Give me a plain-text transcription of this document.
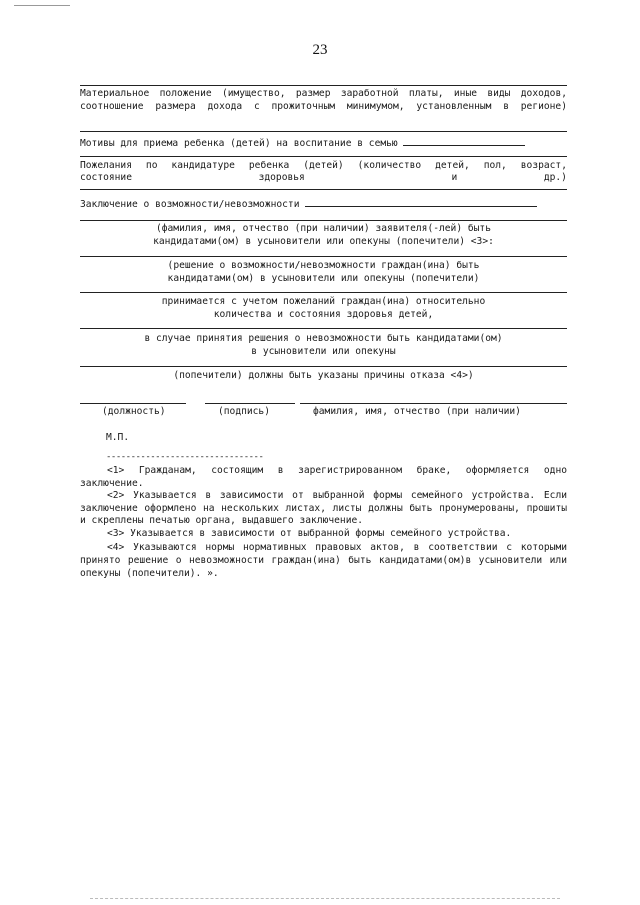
23
Материальное положение (имущество, размер заработной платы, иные виды доходов, соотношение размера дохода с прожиточным минимумом, установленным в регионе)
Мотивы для приема ребенка (детей) на воспитание в семью
Пожелания по кандидатуре ребенка (детей) (количество детей, пол, возраст,
состояние	здоровья	и	др.)
Заключение о возможности/невозможности
(фамилия, имя, отчество (при наличии) заявителя(-лей) быть
кандидатами(ом) в усыновители или опекуны (попечители) <3>:
(решение о возможности/невозможности граждан(ина) быть
кандидатами(ом) в усыновители или опекуны (попечители)
принимается с учетом пожеланий граждан(ина) относительно
количества и состояния здоровья детей,
в случае принятия решения о невозможности быть кандидатами(ом)
в усыновители или опекуны
(попечители) должны быть указаны причины отказа <4>)
(должность)	(подпись)	фамилия, имя, отчество (при наличии)
М.П.
--------------------------------

<1> Гражданам, состоящим в зарегистрированном браке, оформляется одно заключение.

<2> Указывается в зависимости от выбранной формы семейного устройства. Если заключение оформлено на нескольких листах, листы должны быть пронумерованы, прошиты и скреплены печатью органа, выдавшего заключение.

<3> Указывается в зависимости от выбранной формы семейного устройства.

<4> Указываются нормы нормативных правовых актов, в соответствии с которыми принято решение о невозможности граждан(ина) быть кандидатами(ом)в усыновители или опекуны (попечители). ».
